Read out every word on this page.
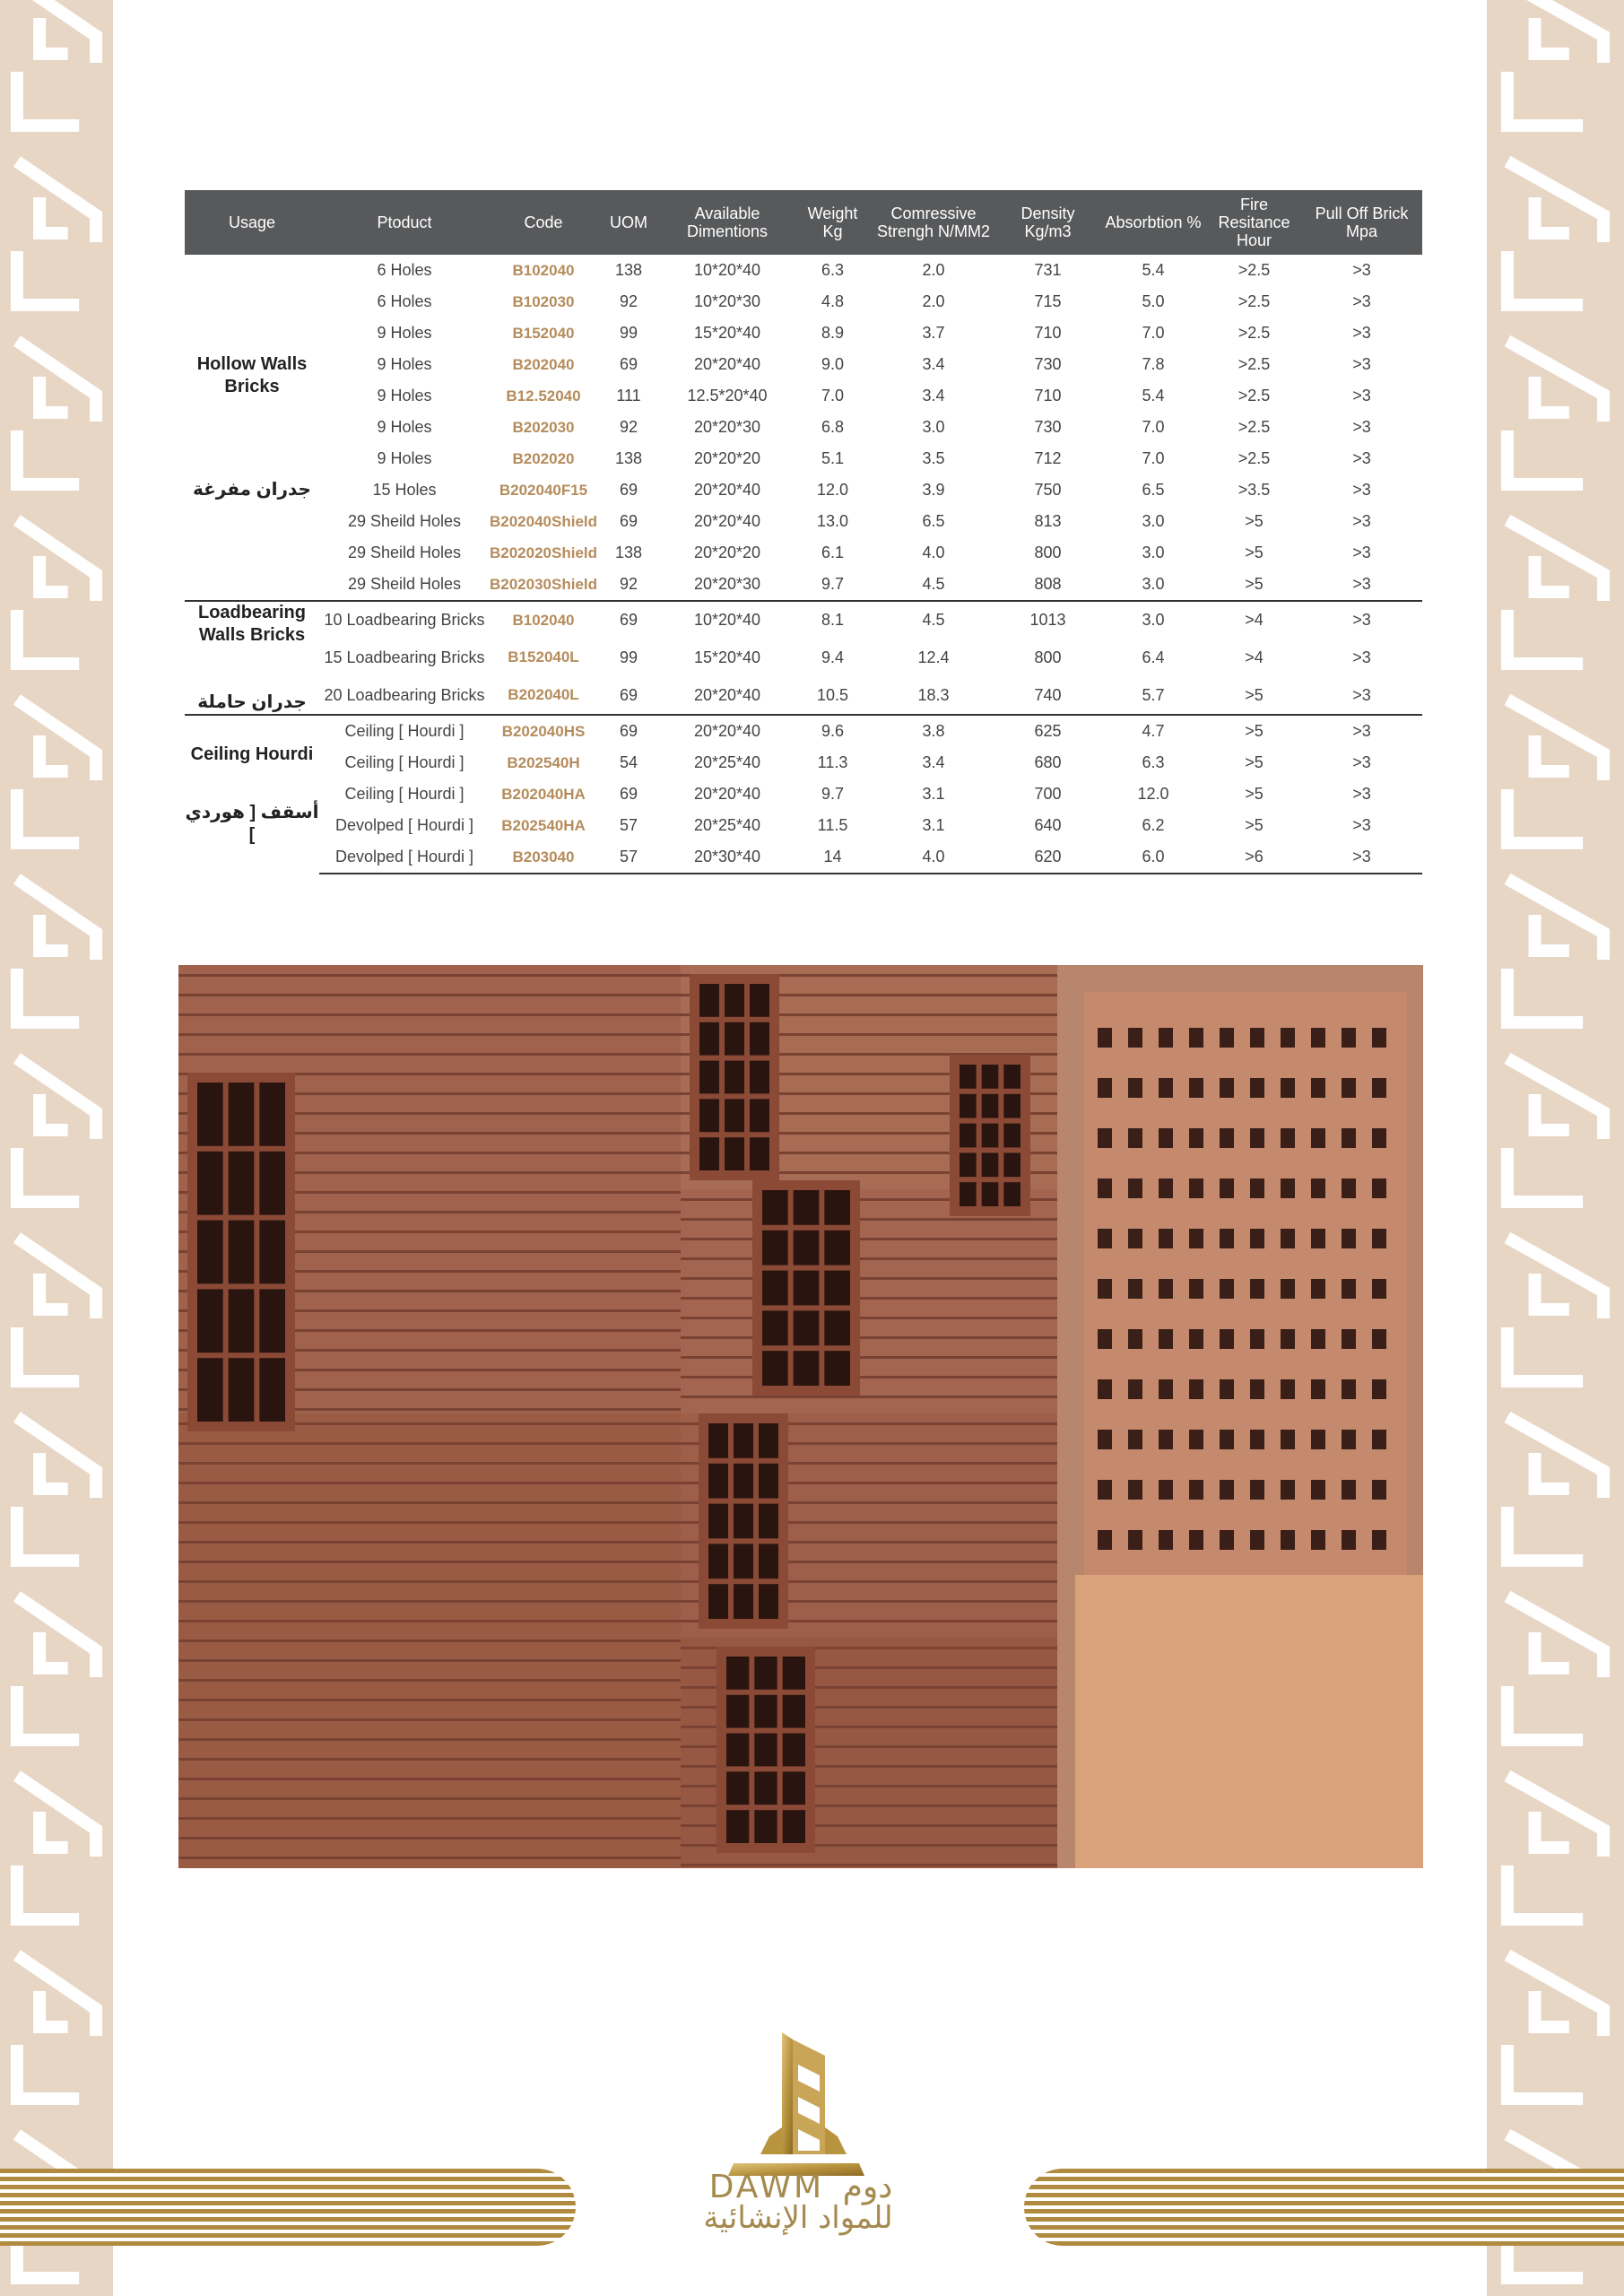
Usage	Ptoduct	Code	UOM	Available Dimentions	Weight Kg	Comressive Strengh N/MM2	Density Kg/m3	Absorbtion %	Fire Resitance Hour	Pull Off Brick Mpa

Hollow Walls Bricks
جدران مفرغة	6 Holes	B102040	138	10*20*40	6.3	2.0	731	5.4	>2.5	>3
	6 Holes	B102030	92	10*20*30	4.8	2.0	715	5.0	>2.5	>3
	9 Holes	B152040	99	15*20*40	8.9	3.7	710	7.0	>2.5	>3
	9 Holes	B202040	69	20*20*40	9.0	3.4	730	7.8	>2.5	>3
	9 Holes	B12.52040	111	12.5*20*40	7.0	3.4	710	5.4	>2.5	>3
	9 Holes	B202030	92	20*20*30	6.8	3.0	730	7.0	>2.5	>3
	9 Holes	B202020	138	20*20*20	5.1	3.5	712	7.0	>2.5	>3
	15 Holes	B202040F15	69	20*20*40	12.0	3.9	750	6.5	>3.5	>3
	29 Sheild Holes	B202040Shield	69	20*20*40	13.0	6.5	813	3.0	>5	>3
	29 Sheild Holes	B202020Shield	138	20*20*20	6.1	4.0	800	3.0	>5	>3
	29 Sheild Holes	B202030Shield	92	20*20*30	9.7	4.5	808	3.0	>5	>3

Loadbearing Walls Bricks
جدران حاملة	10 Loadbearing Bricks	B102040	69	10*20*40	8.1	4.5	1013	3.0	>4	>3
	15 Loadbearing Bricks	B152040L	99	15*20*40	9.4	12.4	800	6.4	>4	>3
	20 Loadbearing Bricks	B202040L	69	20*20*40	10.5	18.3	740	5.7	>5	>3

Ceiling Hourdi
أسقف [ هوردي ]	Ceiling [ Hourdi ]	B202040HS	69	20*20*40	9.6	3.8	625	4.7	>5	>3
	Ceiling [ Hourdi ]	B202540H	54	20*25*40	11.3	3.4	680	6.3	>5	>3
	Ceiling [ Hourdi ]	B202040HA	69	20*20*40	9.7	3.1	700	12.0	>5	>3
	Devolped [ Hourdi ]	B202540HA	57	20*25*40	11.5	3.1	640	6.2	>5	>3
	Devolped [ Hourdi ]	B203040	57	20*30*40	14	4.0	620	6.0	>6	>3
DAWM دوم
للمواد الإنشائية
